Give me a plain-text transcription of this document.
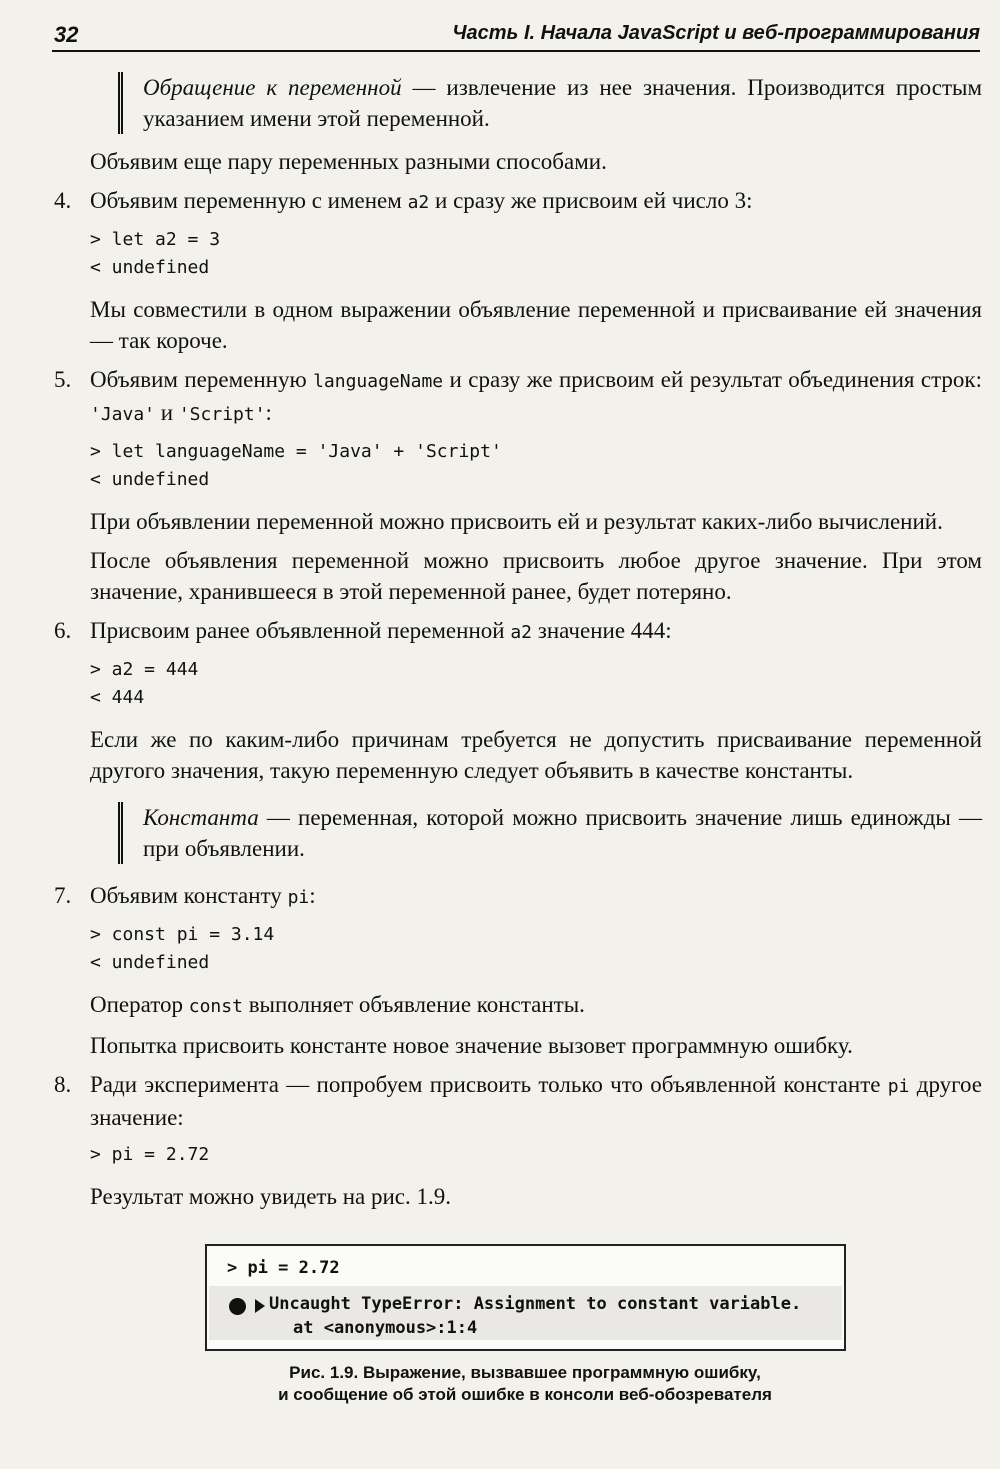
32	Часть I. Начала JavaScript и веб-программирования

Обращение к переменной — извлечение из нее значения. Производится простым указанием имени этой переменной.

Объявим еще пару переменных разными способами.

4. Объявим переменную с именем a2 и сразу же присвоим ей число 3:

> let a2 = 3
< undefined

Мы совместили в одном выражении объявление переменной и присваивание ей значения — так короче.

5. Объявим переменную languageName и сразу же присвоим ей результат объединения строк: 'Java' и 'Script':

> let languageName = 'Java' + 'Script'
< undefined

При объявлении переменной можно присвоить ей и результат каких-либо вычислений.

После объявления переменной можно присвоить любое другое значение. При этом значение, хранившееся в этой переменной ранее, будет потеряно.

6. Присвоим ранее объявленной переменной a2 значение 444:

> a2 = 444
< 444

Если же по каким-либо причинам требуется не допустить присваивание переменной другого значения, такую переменную следует объявить в качестве константы.

Константа — переменная, которой можно присвоить значение лишь единожды — при объявлении.

7. Объявим константу pi:

> const pi = 3.14
< undefined

Оператор const выполняет объявление константы.

Попытка присвоить константе новое значение вызовет программную ошибку.

8. Ради эксперимента — попробуем присвоить только что объявленной константе pi другое значение:

> pi = 2.72

Результат можно увидеть на рис. 1.9.

> pi = 2.72
Uncaught TypeError: Assignment to constant variable.
at <anonymous>:1:4
Рис. 1.9. Выражение, вызвавшее программную ошибку,
и сообщение об этой ошибке в консоли веб-обозревателя
